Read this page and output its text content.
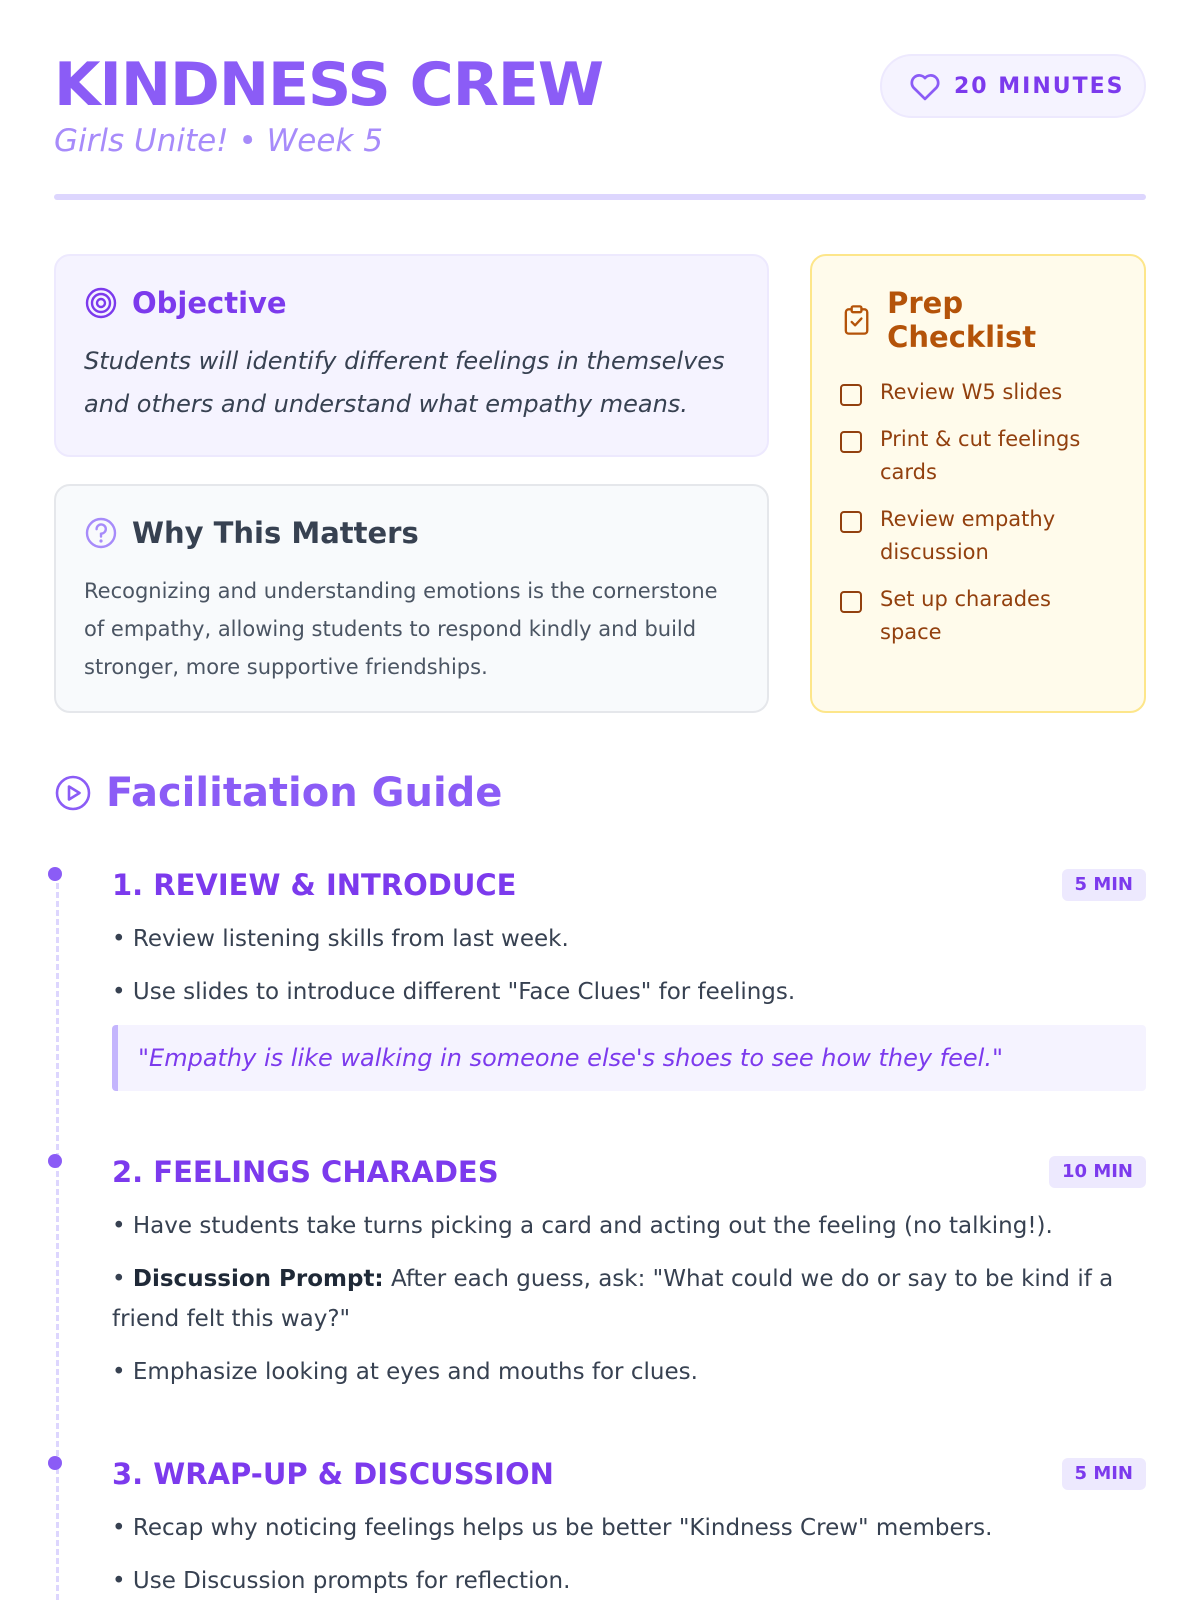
KINDNESS CREW
Girls Unite! • Week 5
20 MINUTES
Objective

Students will identify different feelings in themselves and others and understand what empathy means.

Why This Matters

Recognizing and understanding emotions is the cornerstone of empathy, allowing students to respond kindly and build stronger, more supportive friendships.

Prep Checklist
Review W5 slides
Print & cut feelings cards
Review empathy discussion
Set up charades space
Facilitation Guide
1. REVIEW & INTRODUCE	5 MIN
• Review listening skills from last week.
• Use slides to introduce different "Face Clues" for feelings.
"Empathy is like walking in someone else's shoes to see how they feel."
2. FEELINGS CHARADES	10 MIN
• Have students take turns picking a card and acting out the feeling (no talking!).
• Discussion Prompt: After each guess, ask: "What could we do or say to be kind if a friend felt this way?"
• Emphasize looking at eyes and mouths for clues.
3. WRAP-UP & DISCUSSION	5 MIN
• Recap why noticing feelings helps us be better "Kindness Crew" members.
• Use Discussion prompts for reflection.
